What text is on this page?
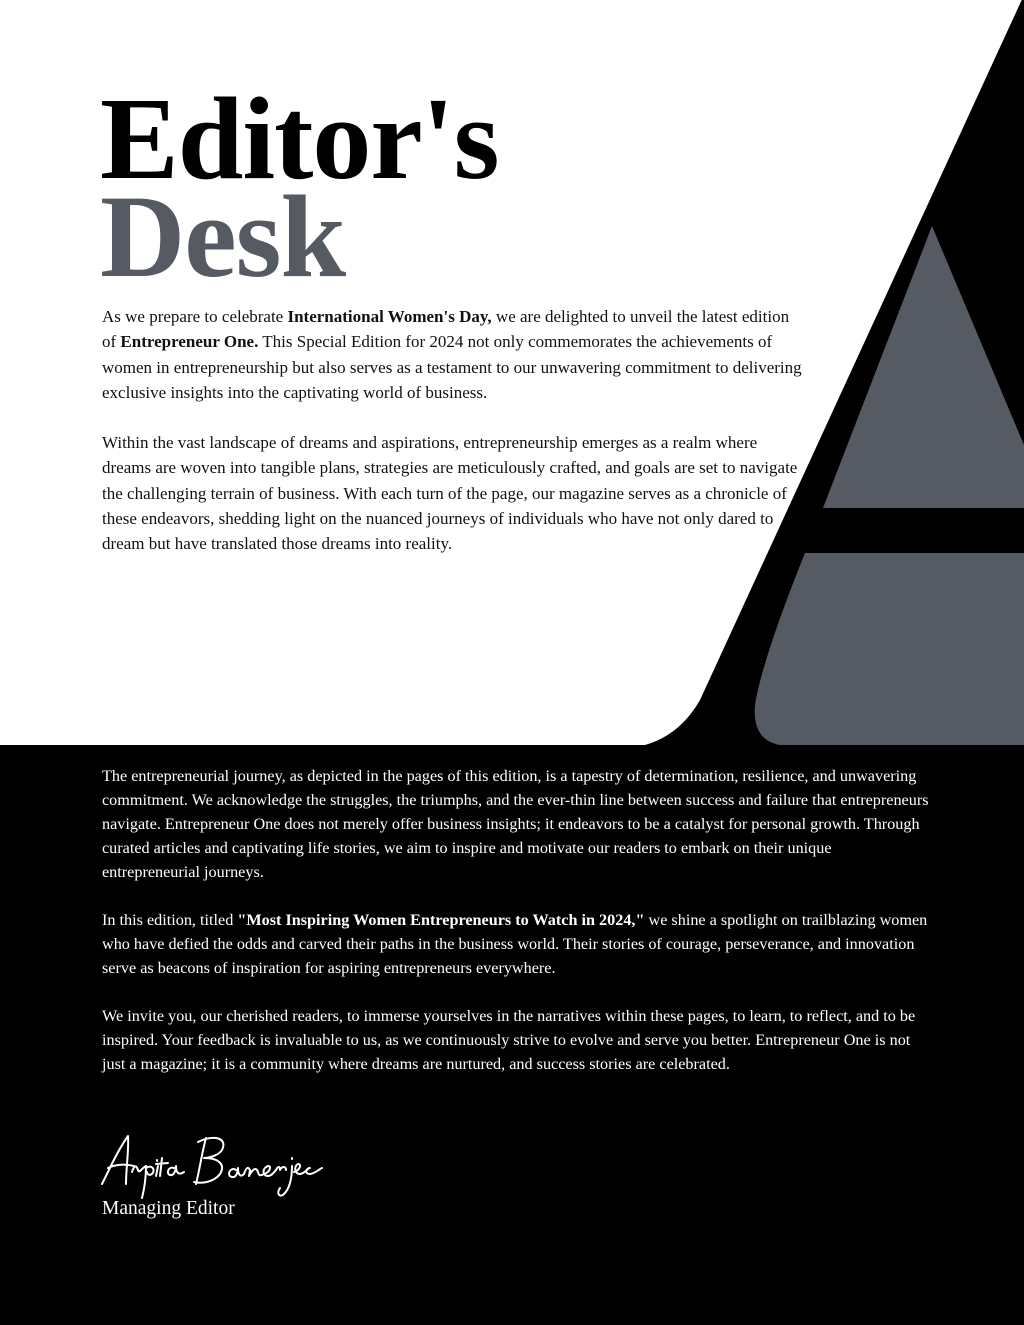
Editor's
Desk

As we prepare to celebrate International Women's Day, we are delighted to unveil the latest edition of Entrepreneur One. This Special Edition for 2024 not only commemorates the achievements of women in entrepreneurship but also serves as a testament to our unwavering commitment to delivering exclusive insights into the captivating world of business.

Within the vast landscape of dreams and aspirations, entrepreneurship emerges as a realm where dreams are woven into tangible plans, strategies are meticulously crafted, and goals are set to navigate the challenging terrain of business. With each turn of the page, our magazine serves as a chronicle of these endeavors, shedding light on the nuanced journeys of individuals who have not only dared to dream but have translated those dreams into reality.

The entrepreneurial journey, as depicted in the pages of this edition, is a tapestry of determination, resilience, and unwavering commitment. We acknowledge the struggles, the triumphs, and the ever-thin line between success and failure that entrepreneurs navigate. Entrepreneur One does not merely offer business insights; it endeavors to be a catalyst for personal growth. Through curated articles and captivating life stories, we aim to inspire and motivate our readers to embark on their unique entrepreneurial journeys.

In this edition, titled "Most Inspiring Women Entrepreneurs to Watch in 2024," we shine a spotlight on trailblazing women who have defied the odds and carved their paths in the business world. Their stories of courage, perseverance, and innovation serve as beacons of inspiration for aspiring entrepreneurs everywhere.

We invite you, our cherished readers, to immerse yourselves in the narratives within these pages, to learn, to reflect, and to be inspired. Your feedback is invaluable to us, as we continuously strive to evolve and serve you better. Entrepreneur One is not just a magazine; it is a community where dreams are nurtured, and success stories are celebrated.

Managing Editor
